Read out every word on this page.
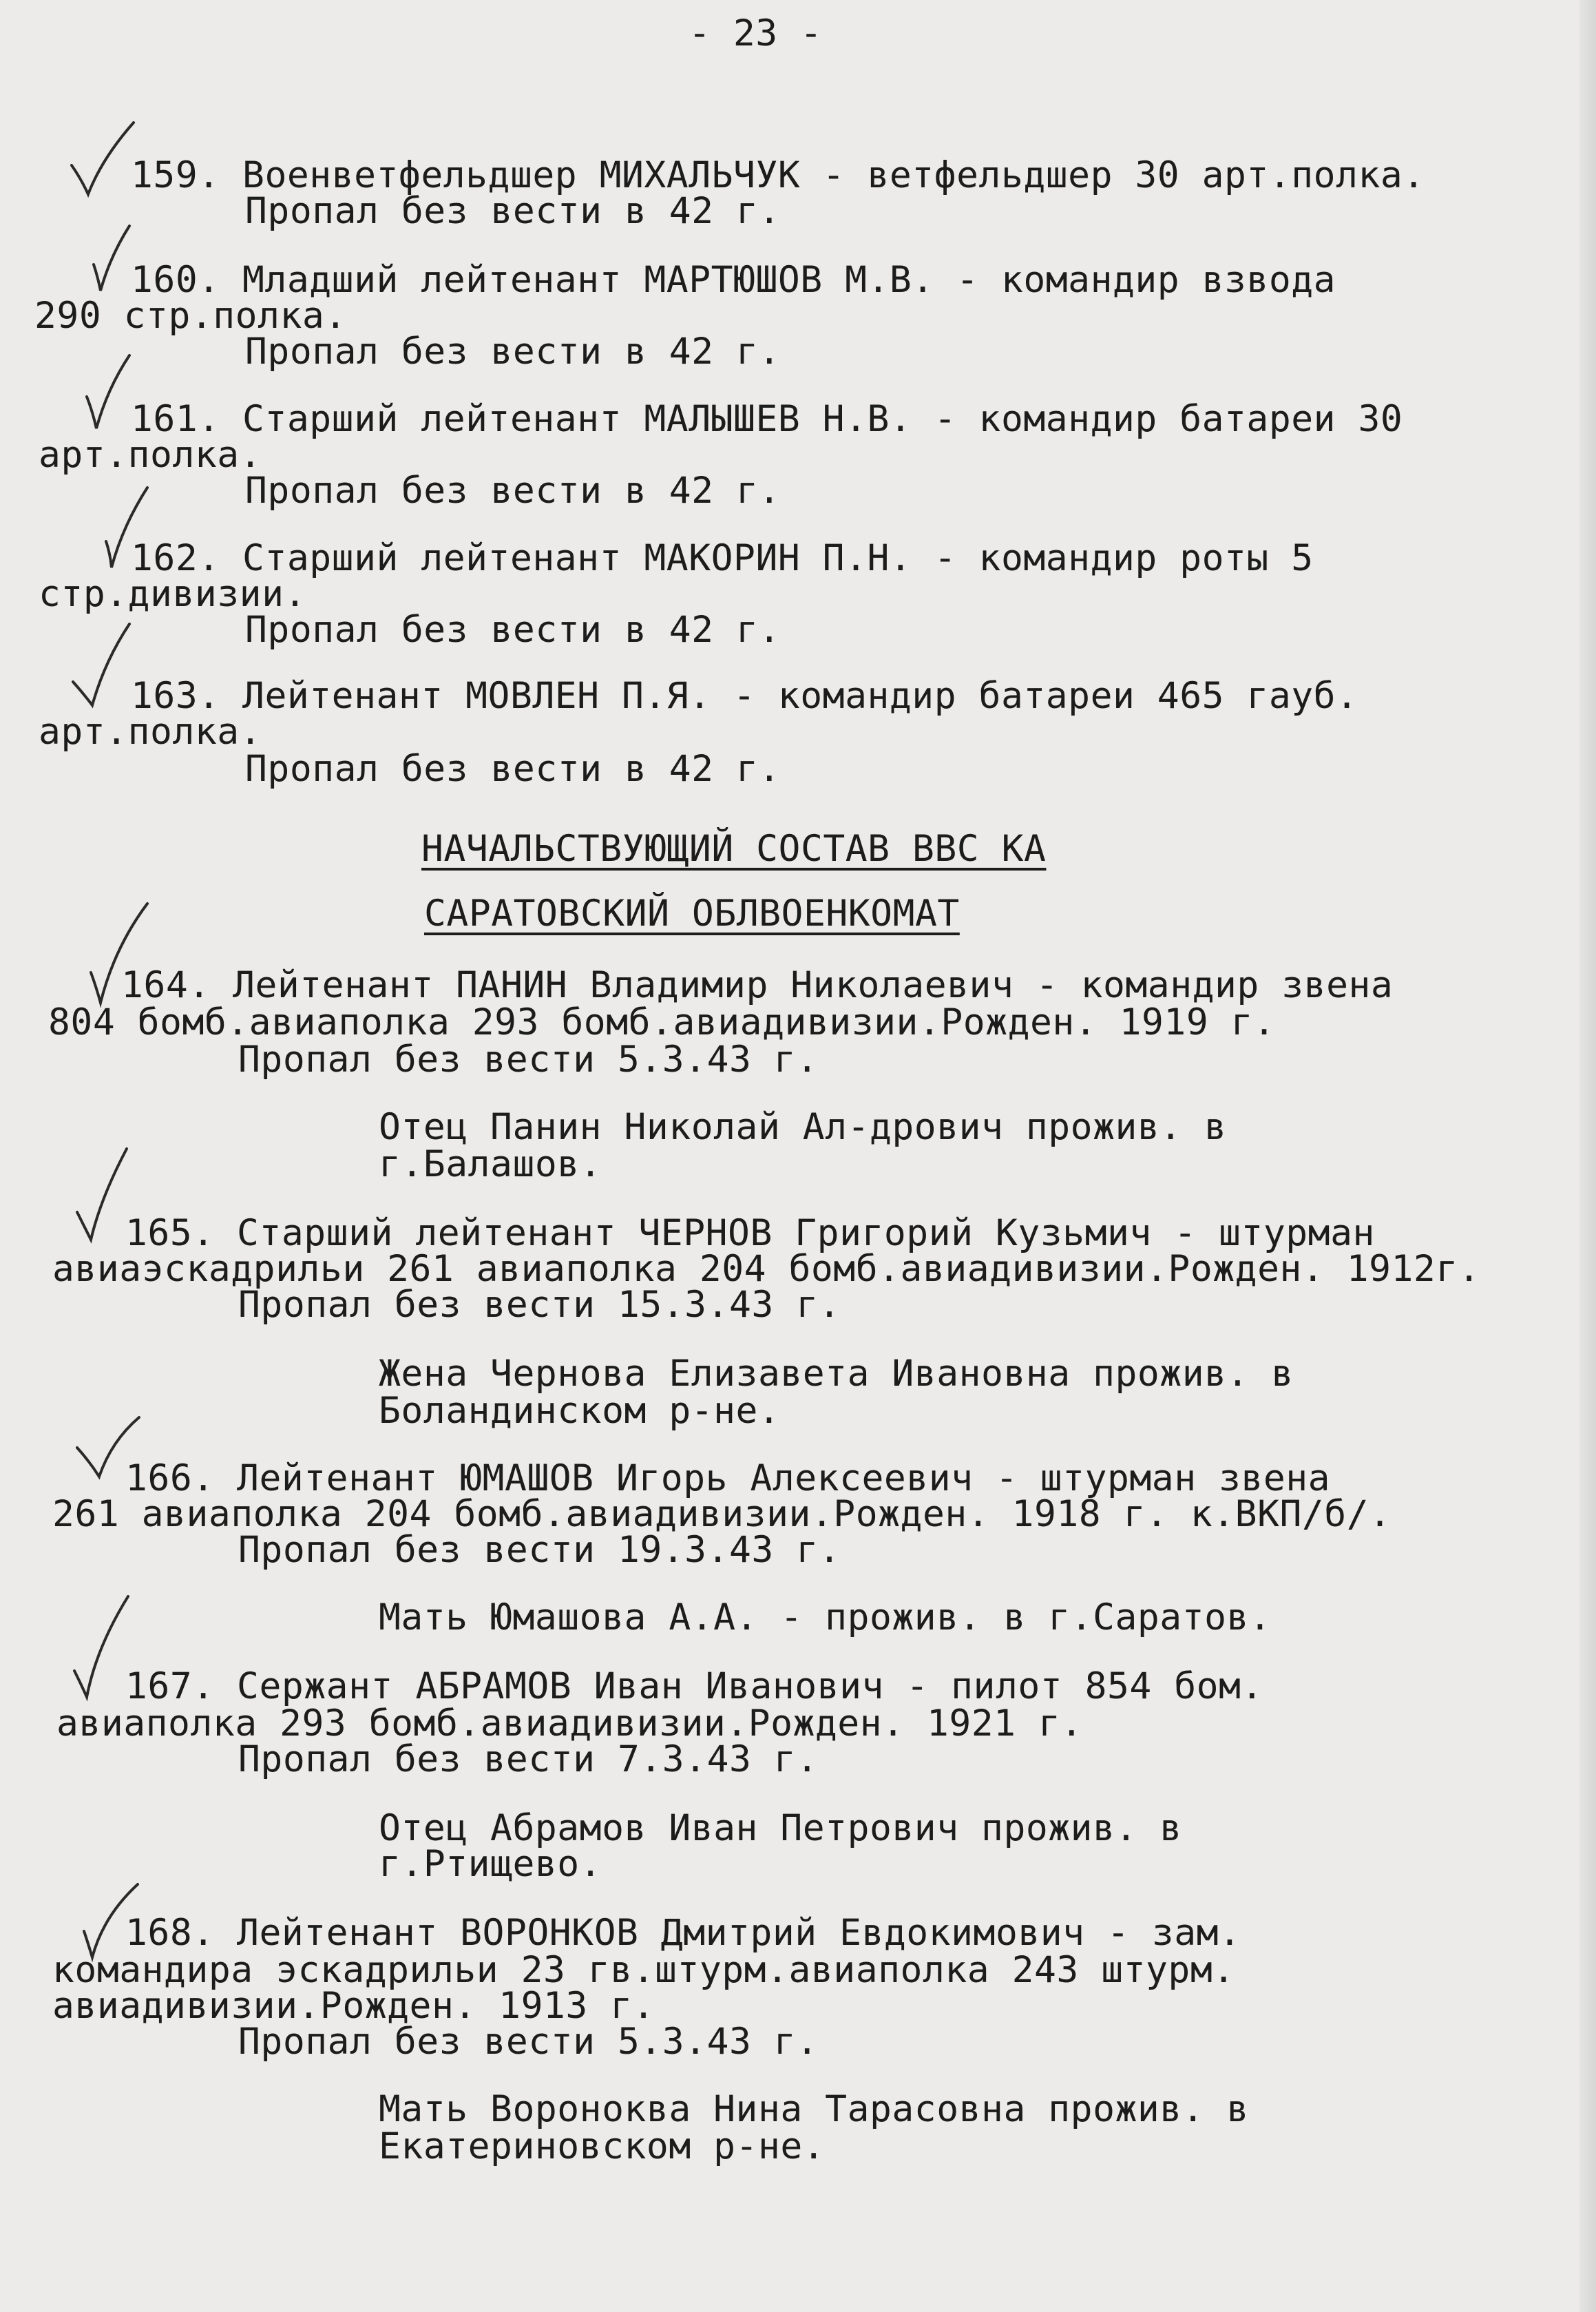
- 23 -
159. Военветфельдшер МИХАЛЬЧУК - ветфельдшер 30 арт.полка.
Пропал без вести в 42 г.
160. Младший лейтенант МАРТЮШОВ М.В. - командир взвода
290 стр.полка.
Пропал без вести в 42 г.
161. Старший лейтенант МАЛЫШЕВ Н.В. - командир батареи 30
арт.полка.
Пропал без вести в 42 г.
162. Старший лейтенант МАКОРИН П.Н. - командир роты 5
стр.дивизии.
Пропал без вести в 42 г.
163. Лейтенант МОВЛЕН П.Я. - командир батареи 465 гауб.
арт.полка.
Пропал без вести в 42 г.
НАЧАЛЬСТВУЮЩИЙ СОСТАВ ВВС КА
САРАТОВСКИЙ ОБЛВОЕНКОМАТ
164. Лейтенант ПАНИН Владимир Николаевич - командир звена
804 бомб.авиаполка 293 бомб.авиадивизии.Рожден. 1919 г.
Пропал без вести 5.3.43 г.
Отец Панин Николай Ал-дрович прожив. в
г.Балашов.
165. Старший лейтенант ЧЕРНОВ Григорий Кузьмич - штурман
авиаэскадрильи 261 авиаполка 204 бомб.авиадивизии.Рожден. 1912г.
Пропал без вести 15.3.43 г.
Жена Чернова Елизавета Ивановна прожив. в
Боландинском р-не.
166. Лейтенант ЮМАШОВ Игорь Алексеевич - штурман звена
261 авиаполка 204 бомб.авиадивизии.Рожден. 1918 г. к.ВКП/б/.
Пропал без вести 19.3.43 г.
Мать Юмашова А.А. - прожив. в г.Саратов.
167. Сержант АБРАМОВ Иван Иванович - пилот 854 бом.
авиаполка 293 бомб.авиадивизии.Рожден. 1921 г.
Пропал без вести 7.3.43 г.
Отец Абрамов Иван Петрович прожив. в
г.Ртищево.
168. Лейтенант ВОРОНКОВ Дмитрий Евдокимович - зам.
командира эскадрильи 23 гв.штурм.авиаполка 243 штурм.
авиадивизии.Рожден. 1913 г.
Пропал без вести 5.3.43 г.
Мать Вороноква Нина Тарасовна прожив. в
Екатериновском р-не.
